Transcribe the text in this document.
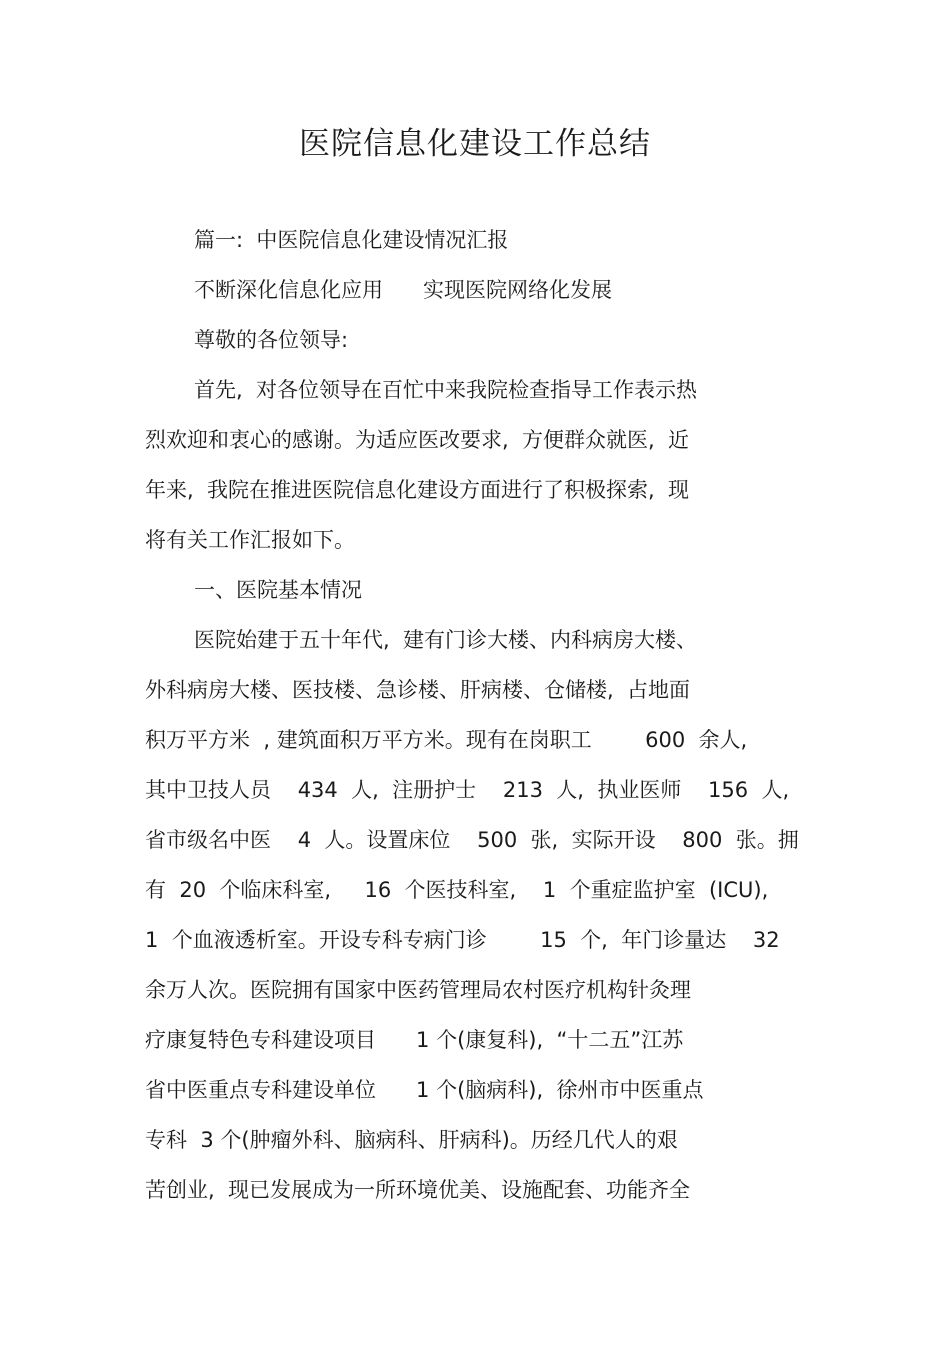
医院信息化建设工作总结
篇一:  中医院信息化建设情况汇报
不断深化信息化应用      实现医院网络化发展
尊敬的各位领导:
首先,  对各位领导在百忙中来我院检查指导工作表示热
烈欢迎和衷心的感谢。为适应医改要求,  方便群众就医,  近
年来,  我院在推进医院信息化建设方面进行了积极探索,  现
将有关工作汇报如下。
一、医院基本情况
医院始建于五十年代,  建有门诊大楼、内科病房大楼、
外科病房大楼、医技楼、急诊楼、肝病楼、仓储楼,  占地面
积万平方米  , 建筑面积万平方米。现有在岗职工        600  余人,
其中卫技人员    434  人,  注册护士    213  人,  执业医师    156  人,
省市级名中医    4  人。设置床位    500  张,  实际开设    800  张。拥
有  20  个临床科室,     16  个医技科室,    1  个重症监护室  (ICU),
1  个血液透析室。开设专科专病门诊        15  个,  年门诊量达    32
余万人次。医院拥有国家中医药管理局农村医疗机构针灸理
疗康复特色专科建设项目      1 个(康复科),  “十二五”江苏
省中医重点专科建设单位      1 个(脑病科),  徐州市中医重点
专科  3 个(肿瘤外科、脑病科、肝病科)。历经几代人的艰
苦创业,  现已发展成为一所环境优美、设施配套、功能齐全
